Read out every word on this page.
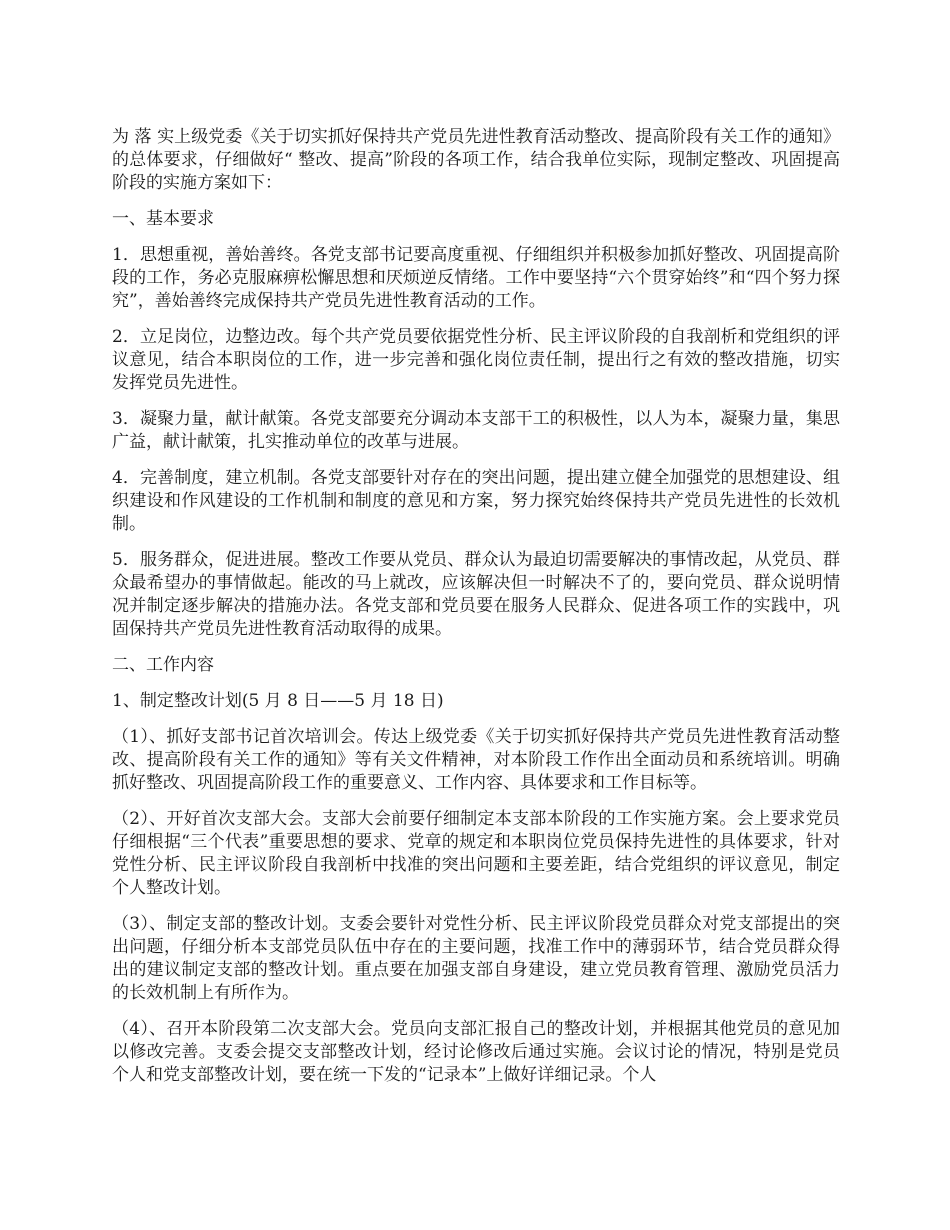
为 落 实上级党委《关于切实抓好保持共产党员先进性教育活动整改、提高阶段有关工作的通知》的总体要求，仔细做好“ 整改、提高”阶段的各项工作，结合我单位实际，现制定整改、巩固提高阶段的实施方案如下：

一、基本要求

1．思想重视，善始善终。各党支部书记要高度重视、仔细组织并积极参加抓好整改、巩固提高阶段的工作，务必克服麻痹松懈思想和厌烦逆反情绪。工作中要坚持“六个贯穿始终”和“四个努力探究”，善始善终完成保持共产党员先进性教育活动的工作。

2．立足岗位，边整边改。每个共产党员要依据党性分析、民主评议阶段的自我剖析和党组织的评议意见，结合本职岗位的工作，进一步完善和强化岗位责任制，提出行之有效的整改措施，切实发挥党员先进性。

3．凝聚力量，献计献策。各党支部要充分调动本支部干工的积极性，以人为本，凝聚力量，集思广益，献计献策，扎实推动单位的改革与进展。

4．完善制度，建立机制。各党支部要针对存在的突出问题，提出建立健全加强党的思想建设、组织建设和作风建设的工作机制和制度的意见和方案，努力探究始终保持共产党员先进性的长效机制。

5．服务群众，促进进展。整改工作要从党员、群众认为最迫切需要解决的事情改起，从党员、群众最希望办的事情做起。能改的马上就改，应该解决但一时解决不了的，要向党员、群众说明情况并制定逐步解决的措施办法。各党支部和党员要在服务人民群众、促进各项工作的实践中，巩固保持共产党员先进性教育活动取得的成果。

二、工作内容

1、制定整改计划(5 月 8 日——5 月 18 日)

（1）、抓好支部书记首次培训会。传达上级党委《关于切实抓好保持共产党员先进性教育活动整改、提高阶段有关工作的通知》等有关文件精神，对本阶段工作作出全面动员和系统培训。明确抓好整改、巩固提高阶段工作的重要意义、工作内容、具体要求和工作目标等。

（2）、开好首次支部大会。支部大会前要仔细制定本支部本阶段的工作实施方案。会上要求党员仔细根据“三个代表”重要思想的要求、党章的规定和本职岗位党员保持先进性的具体要求，针对党性分析、民主评议阶段自我剖析中找准的突出问题和主要差距，结合党组织的评议意见，制定个人整改计划。

（3）、制定支部的整改计划。支委会要针对党性分析、民主评议阶段党员群众对党支部提出的突出问题，仔细分析本支部党员队伍中存在的主要问题，找准工作中的薄弱环节，结合党员群众得出的建议制定支部的整改计划。重点要在加强支部自身建设，建立党员教育管理、激励党员活力的长效机制上有所作为。

（4）、召开本阶段第二次支部大会。党员向支部汇报自己的整改计划，并根据其他党员的意见加以修改完善。支委会提交支部整改计划，经讨论修改后通过实施。会议讨论的情况，特别是党员个人和党支部整改计划，要在统一下发的“记录本”上做好详细记录。个人
